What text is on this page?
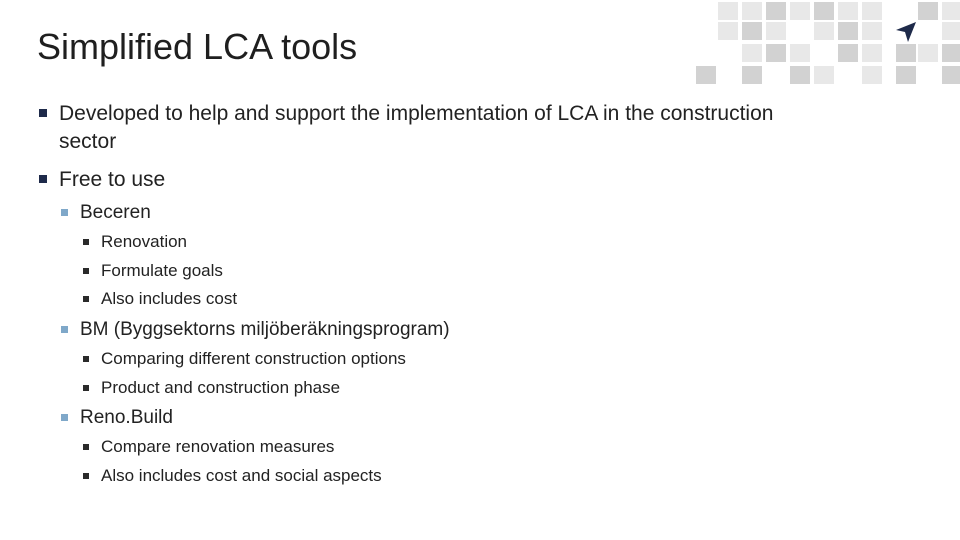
Simplified LCA tools
Developed to help and support the implementation of LCA in the construction
sector
Free to use
Beceren
Renovation
Formulate goals
Also includes cost
BM (Byggsektorns miljöberäkningsprogram)
Comparing different construction options
Product and construction phase
Reno.Build
Compare renovation measures
Also includes cost and social aspects
